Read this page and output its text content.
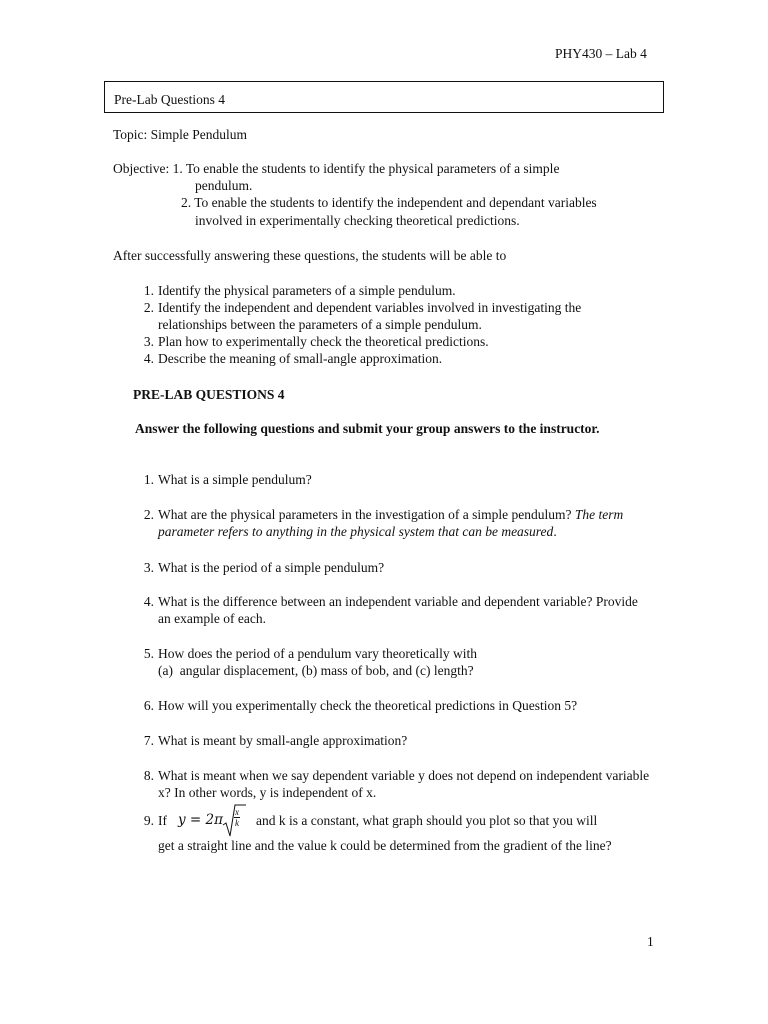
PHY430 – Lab 4
Pre-Lab Questions 4
Topic: Simple Pendulum
Objective: 1. To enable the students to identify the physical parameters of a simple
pendulum.
2. To enable the students to identify the independent and dependant variables
involved in experimentally checking theoretical predictions.
After successfully answering these questions, the students will be able to
1. Identify the physical parameters of a simple pendulum.
2. Identify the independent and dependent variables involved in investigating the relationships between the parameters of a simple pendulum.
3. Plan how to experimentally check the theoretical predictions.
4. Describe the meaning of small-angle approximation.
PRE-LAB QUESTIONS 4
Answer the following questions and submit your group answers to the instructor.
1. What is a simple pendulum?
2. What are the physical parameters in the investigation of a simple pendulum? The term parameter refers to anything in the physical system that can be measured.
3. What is the period of a simple pendulum?
4. What is the difference between an independent variable and dependent variable? Provide an example of each.
5. How does the period of a pendulum vary theoretically with
(a)  angular displacement, (b) mass of bob, and (c) length?
6. How will you experimentally check the theoretical predictions in Question 5?
7. What is meant by small-angle approximation?
8. What is meant when we say dependent variable y does not depend on independent variable x? In other words, y is independent of x.
9. If $y = 2\pi \frac{x}{k}$ and k is a constant, what graph should you plot so that you will
get a straight line and the value k could be determined from the gradient of the line?
1
